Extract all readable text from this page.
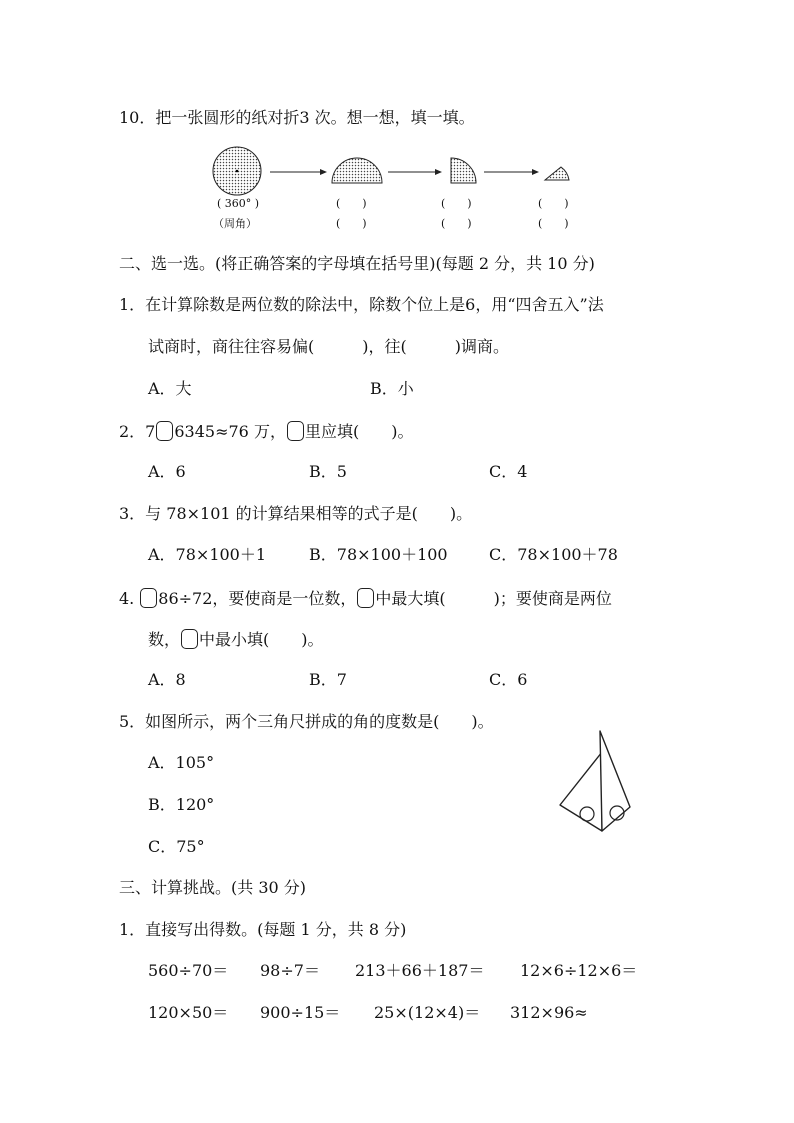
10．把一张圆形的纸对折3 次。想一想，填一填。
( 360° )
（周角）
(　　)
(　　)
(　　)
(　　)
(　　)
(　　)
二、选一选。(将正确答案的字母填在括号里)(每题 2 分，共 10 分)
1．在计算除数是两位数的除法中，除数个位上是6，用“四舍五入”法
试商时，商往往容易偏(　　　)，往(　　　)调商。
A．大	B．小
2．7 6345≈76 万， 里应填(　　)。
A．6	B．5	C．4
3．与 78×101 的计算结果相等的式子是(　　)。
A．78×100＋1	B．78×100＋100	C．78×100＋78
4. 86÷72，要使商是一位数， 中最大填(　　　)；要使商是两位
数， 中最小填(　　)。
A．8	B．7	C．6
5．如图所示，两个三角尺拼成的角的度数是(　　)。
A．105°
B．120°
C．75°
三、计算挑战。(共 30 分)
1．直接写出得数。(每题 1 分，共 8 分)
560÷70＝ 98÷7＝ 213＋66＋187＝ 12×6÷12×6＝
120×50＝ 900÷15＝ 25×(12×4)＝ 312×96≈
